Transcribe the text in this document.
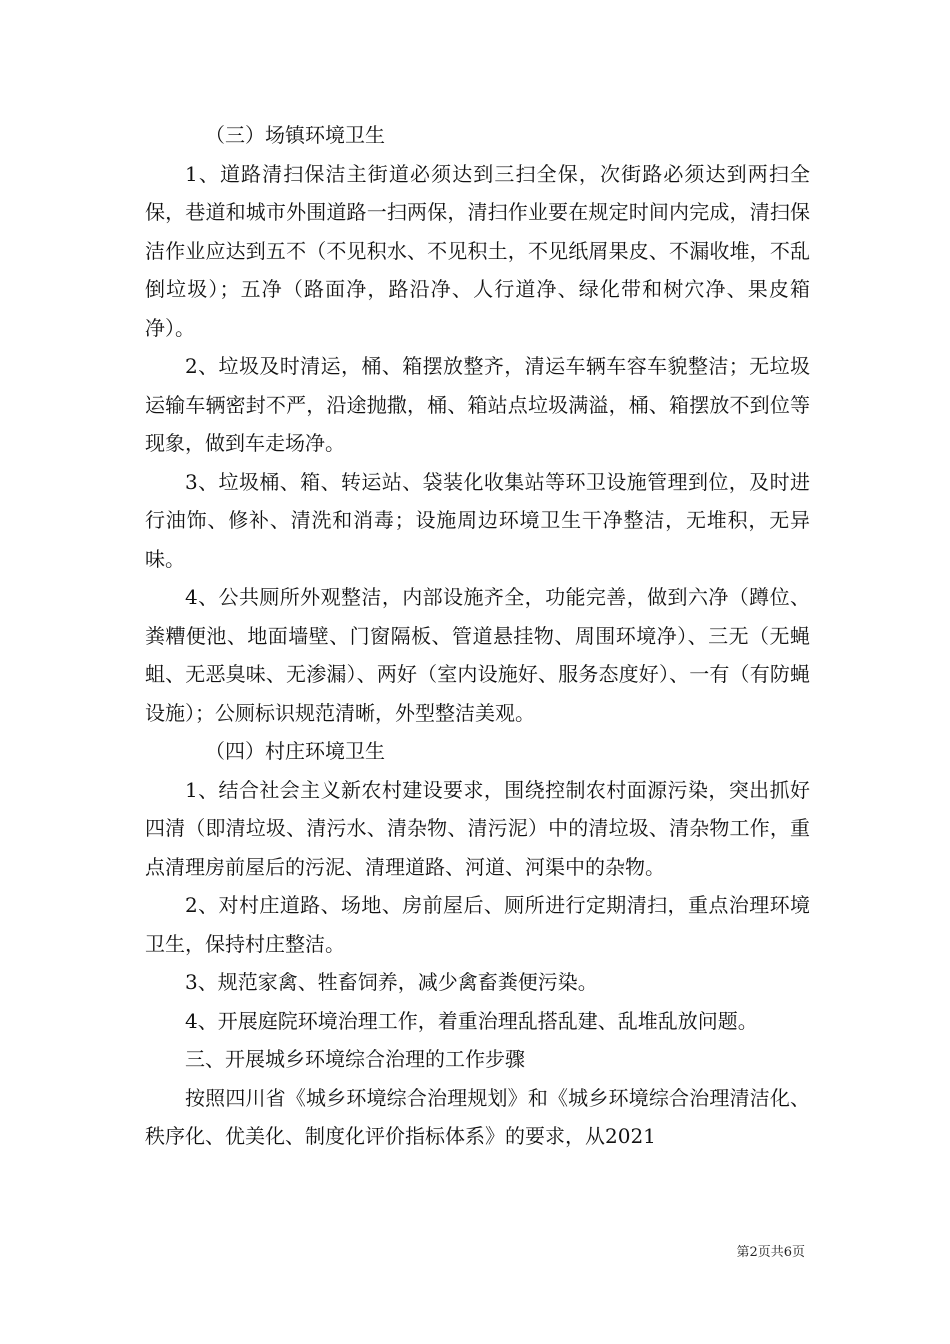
（三）场镇环境卫生

1、道路清扫保洁主街道必须达到三扫全保，次街路必须达到两扫全保，巷道和城市外围道路一扫两保，清扫作业要在规定时间内完成，清扫保洁作业应达到五不（不见积水、不见积土，不见纸屑果皮、不漏收堆，不乱倒垃圾）；五净（路面净，路沿净、人行道净、绿化带和树穴净、果皮箱净）。

2、垃圾及时清运，桶、箱摆放整齐，清运车辆车容车貌整洁；无垃圾运输车辆密封不严，沿途抛撒，桶、箱站点垃圾满溢，桶、箱摆放不到位等现象，做到车走场净。

3、垃圾桶、箱、转运站、袋装化收集站等环卫设施管理到位，及时进行油饰、修补、清洗和消毒；设施周边环境卫生干净整洁，无堆积，无异味。

4、公共厕所外观整洁，内部设施齐全，功能完善，做到六净（蹲位、粪糟便池、地面墙壁、门窗隔板、管道悬挂物、周围环境净）、三无（无蝇蛆、无恶臭味、无渗漏）、两好（室内设施好、服务态度好）、一有（有防蝇设施）；公厕标识规范清晰，外型整洁美观。

（四）村庄环境卫生

1、结合社会主义新农村建设要求，围绕控制农村面源污染，突出抓好四清（即清垃圾、清污水、清杂物、清污泥）中的清垃圾、清杂物工作，重点清理房前屋后的污泥、清理道路、河道、河渠中的杂物。

2、对村庄道路、场地、房前屋后、厕所进行定期清扫，重点治理环境卫生，保持村庄整洁。

3、规范家禽、牲畜饲养，减少禽畜粪便污染。

4、开展庭院环境治理工作，着重治理乱搭乱建、乱堆乱放问题。

三、开展城乡环境综合治理的工作步骤

按照四川省《城乡环境综合治理规划》和《城乡环境综合治理清洁化、秩序化、优美化、制度化评价指标体系》的要求，从2021

第2页共6页
